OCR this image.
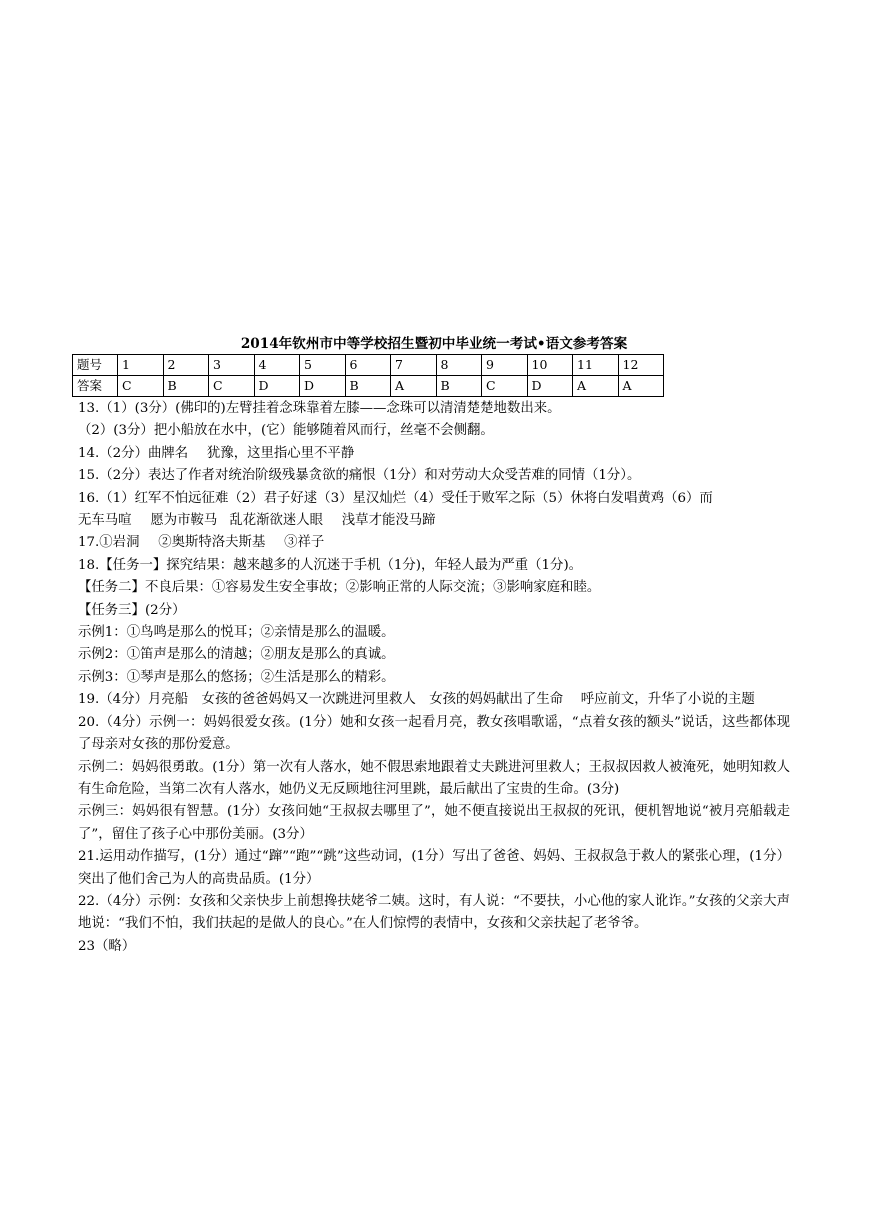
2014年钦州市中等学校招生暨初中毕业统一考试•语文参考答案
题号	1	2	3	4	5	6	7	8	9	10	11	12
答案	C	B	C	D	D	B	A	B	C	D	A	A
13.（1）(3分）(佛印的)左臂挂着念珠靠着左膝——念珠可以清清楚楚地数出来。
（2）(3分）把小船放在水中，(它）能够随着风而行，丝毫不会侧翻。
14.（2分）曲牌名 犹豫，这里指心里不平静
15.（2分）表达了作者对统治阶级残暴贪欲的痛恨（1分）和对劳动大众受苦难的同情（1分）。
16.（1）红军不怕远征难（2）君子好逑（3）星汉灿烂（4）受任于败军之际（5）休将白发唱黄鸡（6）而
无车马喧 愿为市鞍马 乱花渐欲迷人眼 浅草才能没马蹄
17.①岩洞 ②奥斯特洛夫斯基 ③祥子
18.【任务一】探究结果：越来越多的人沉迷于手机（1分)，年轻人最为严重（1分)。
【任务二】不良后果：①容易发生安全事故；②影响正常的人际交流；③影响家庭和睦。
【任务三】(2分）
示例1：①鸟鸣是那么的悦耳；②亲情是那么的温暖。
示例2：①笛声是那么的清越；②朋友是那么的真诚。
示例3：①琴声是那么的悠扬；②生活是那么的精彩。
19.（4分）月亮船　女孩的爸爸妈妈又一次跳进河里救人　女孩的妈妈献出了生命　 呼应前文，升华了小说的主题
20.（4分）示例一：妈妈很爱女孩。(1分）她和女孩一起看月亮，教女孩唱歌谣，“点着女孩的额头”说话，这些都体现了母亲对女孩的那份爱意。
示例二：妈妈很勇敢。(1分）第一次有人落水，她不假思索地跟着丈夫跳进河里救人；王叔叔因救人被淹死，她明知救人有生命危险，当第二次有人落水，她仍义无反顾地往河里跳，最后献出了宝贵的生命。(3分)
示例三：妈妈很有智慧。(1分）女孩问她“王叔叔去哪里了”，她不便直接说出王叔叔的死讯，便机智地说“被月亮船载走了”，留住了孩子心中那份美丽。(3分）
21.运用动作描写，(1分）通过“蹿”“跑”“跳”这些动词，(1分）写出了爸爸、妈妈、王叔叔急于救人的紧张心理，(1分）突出了他们舍己为人的高贵品质。(1分）
22.（4分）示例：女孩和父亲快步上前想搀扶姥爷二姨。这时，有人说：“不要扶，小心他的家人讹诈。”女孩的父亲大声地说：“我们不怕，我们扶起的是做人的良心。”在人们惊愕的表情中，女孩和父亲扶起了老爷爷。
23（略）
